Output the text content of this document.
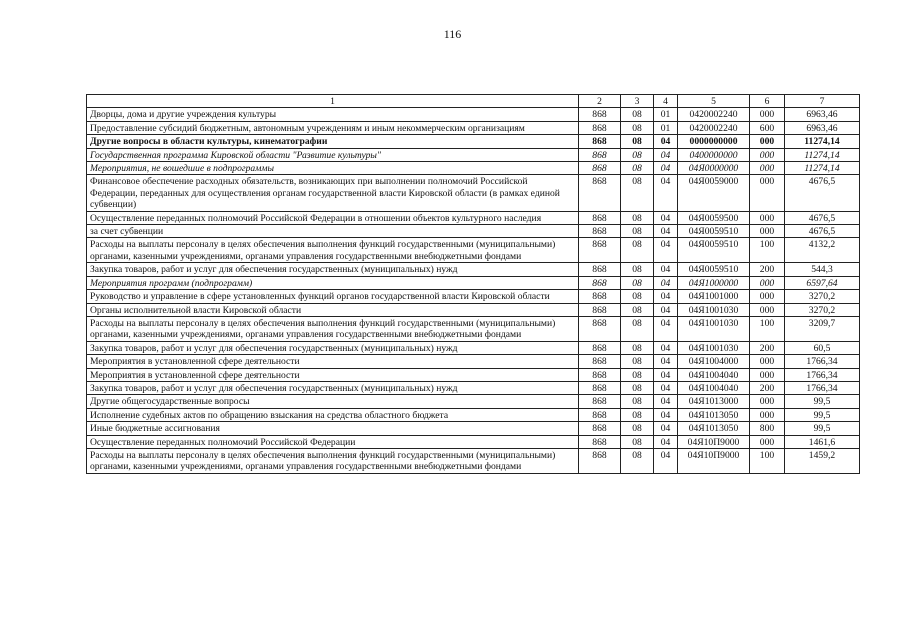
116
1	2	3	4	5	6	7
Дворцы, дома и другие учреждения культуры	868	08	01	0420002240	000	6963,46
Предоставление субсидий бюджетным, автономным учреждениям и иным некоммерческим организациям	868	08	01	0420002240	600	6963,46
Другие вопросы в области культуры, кинематографии	868	08	04	0000000000	000	11274,14
Государственная программа Кировской области "Развитие культуры"	868	08	04	0400000000	000	11274,14
Мероприятия, не вошедшие в подпрограммы	868	08	04	04Я0000000	000	11274,14
Финансовое обеспечение расходных обязательств, возникающих при выполнении полномочий Российской Федерации, переданных для осуществления органам государственной власти Кировской области (в рамках единой субвенции)	868	08	04	04Я0059000	000	4676,5
Осуществление переданных полномочий Российской Федерации в отношении объектов культурного наследия	868	08	04	04Я0059500	000	4676,5
за счет субвенции	868	08	04	04Я0059510	000	4676,5
Расходы на выплаты персоналу в целях обеспечения выполнения функций государственными (муниципальными) органами, казенными учреждениями, органами управления государственными внебюджетными фондами	868	08	04	04Я0059510	100	4132,2
Закупка товаров, работ и услуг для обеспечения государственных (муниципальных) нужд	868	08	04	04Я0059510	200	544,3
Мероприятия программ (подпрограмм)	868	08	04	04Я1000000	000	6597,64
Руководство и управление в сфере установленных функций органов государственной власти Кировской области	868	08	04	04Я1001000	000	3270,2
Органы исполнительной власти Кировской области	868	08	04	04Я1001030	000	3270,2
Расходы на выплаты персоналу в целях обеспечения выполнения функций государственными (муниципальными) органами, казенными учреждениями, органами управления государственными внебюджетными фондами	868	08	04	04Я1001030	100	3209,7
Закупка товаров, работ и услуг для обеспечения государственных (муниципальных) нужд	868	08	04	04Я1001030	200	60,5
Мероприятия в установленной сфере деятельности	868	08	04	04Я1004000	000	1766,34
Мероприятия в установленной сфере деятельности	868	08	04	04Я1004040	000	1766,34
Закупка товаров, работ и услуг для обеспечения государственных (муниципальных) нужд	868	08	04	04Я1004040	200	1766,34
Другие общегосударственные вопросы	868	08	04	04Я1013000	000	99,5
Исполнение судебных актов по обращению взыскания на средства областного бюджета	868	08	04	04Я1013050	000	99,5
Иные бюджетные ассигнования	868	08	04	04Я1013050	800	99,5
Осуществление переданных полномочий Российской Федерации	868	08	04	04Я10П9000	000	1461,6
Расходы на выплаты персоналу в целях обеспечения выполнения функций государственными (муниципальными) органами, казенными учреждениями, органами управления государственными внебюджетными фондами	868	08	04	04Я10П9000	100	1459,2
